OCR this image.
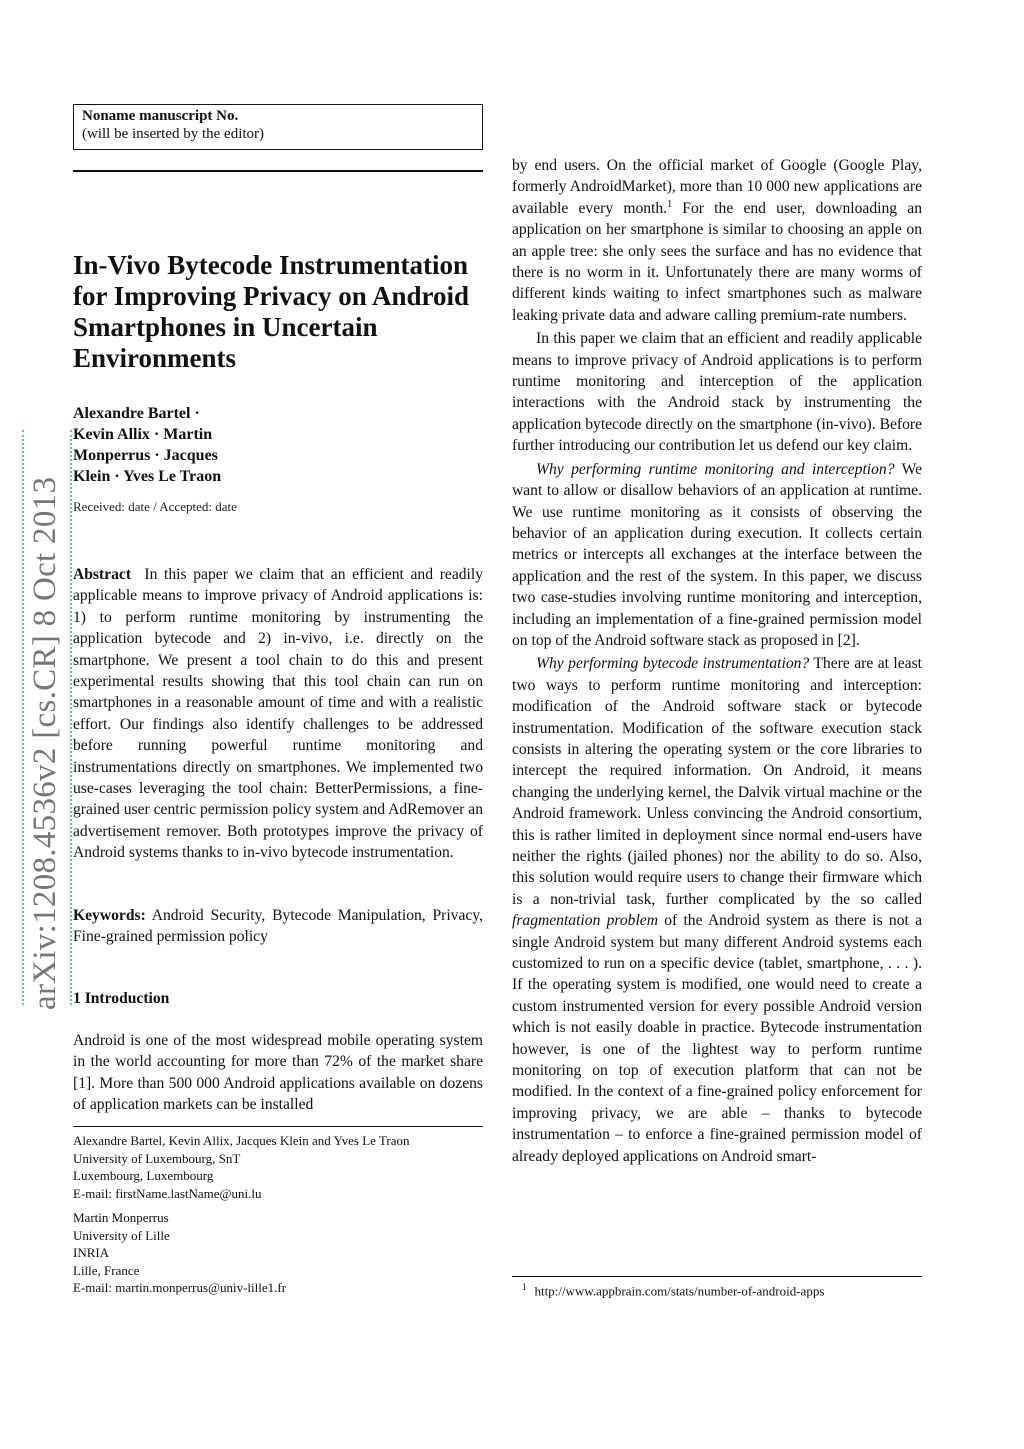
arXiv:1208.4536v2 [cs.CR] 8 Oct 2013
Noname manuscript No.
(will be inserted by the editor)
In-Vivo Bytecode Instrumentation for Improving Privacy on Android Smartphones in Uncertain Environments
Alexandre Bartel ·
Kevin Allix · Martin
Monperrus · Jacques
Klein · Yves Le Traon
Received: date / Accepted: date

Abstract In this paper we claim that an efficient and readily applicable means to improve privacy of Android applications is: 1) to perform runtime monitoring by instrumenting the application bytecode and 2) in-vivo, i.e. directly on the smartphone. We present a tool chain to do this and present experimental results showing that this tool chain can run on smartphones in a reasonable amount of time and with a realistic effort. Our findings also identify challenges to be addressed before running powerful runtime monitoring and instrumentations directly on smartphones. We implemented two use-cases leveraging the tool chain: BetterPermissions, a fine-grained user centric permission policy system and AdRemover an advertisement remover. Both prototypes improve the privacy of Android systems thanks to in-vivo bytecode instrumentation.

Keywords: Android Security, Bytecode Manipulation, Privacy, Fine-grained permission policy

1 Introduction

Android is one of the most widespread mobile operating system in the world accounting for more than 72% of the market share [1]. More than 500 000 Android applications available on dozens of application markets can be installed

Alexandre Bartel, Kevin Allix, Jacques Klein and Yves Le Traon
University of Luxembourg, SnT
Luxembourg, Luxembourg
E-mail: firstName.lastName@uni.lu
Martin Monperrus
University of Lille
INRIA
Lille, France
E-mail: martin.monperrus@univ-lille1.fr

by end users. On the official market of Google (Google Play, formerly AndroidMarket), more than 10 000 new applications are available every month.$^1$ For the end user, downloading an application on her smartphone is similar to choosing an apple on an apple tree: she only sees the surface and has no evidence that there is no worm in it. Unfortunately there are many worms of different kinds waiting to infect smartphones such as malware leaking private data and adware calling premium-rate numbers.

In this paper we claim that an efficient and readily applicable means to improve privacy of Android applications is to perform runtime monitoring and interception of the application interactions with the Android stack by instrumenting the application bytecode directly on the smartphone (in-vivo). Before further introducing our contribution let us defend our key claim.

Why performing runtime monitoring and interception? We want to allow or disallow behaviors of an application at runtime. We use runtime monitoring as it consists of observing the behavior of an application during execution. It collects certain metrics or intercepts all exchanges at the interface between the application and the rest of the system. In this paper, we discuss two case-studies involving runtime monitoring and interception, including an implementation of a fine-grained permission model on top of the Android software stack as proposed in [2].

Why performing bytecode instrumentation? There are at least two ways to perform runtime monitoring and interception: modification of the Android software stack or bytecode instrumentation. Modification of the software execution stack consists in altering the operating system or the core libraries to intercept the required information. On Android, it means changing the underlying kernel, the Dalvik virtual machine or the Android framework. Unless convincing the Android consortium, this is rather limited in deployment since normal end-users have neither the rights (jailed phones) nor the ability to do so. Also, this solution would require users to change their firmware which is a non-trivial task, further complicated by the so called fragmentation problem of the Android system as there is not a single Android system but many different Android systems each customized to run on a specific device (tablet, smartphone, . . . ). If the operating system is modified, one would need to create a custom instrumented version for every possible Android version which is not easily doable in practice. Bytecode instrumentation however, is one of the lightest way to perform runtime monitoring on top of execution platform that can not be modified. In the context of a fine-grained policy enforcement for improving privacy, we are able – thanks to bytecode instrumentation – to enforce a fine-grained permission model of already deployed applications on Android smart-

$^1$ http://www.appbrain.com/stats/number-of-android-apps
